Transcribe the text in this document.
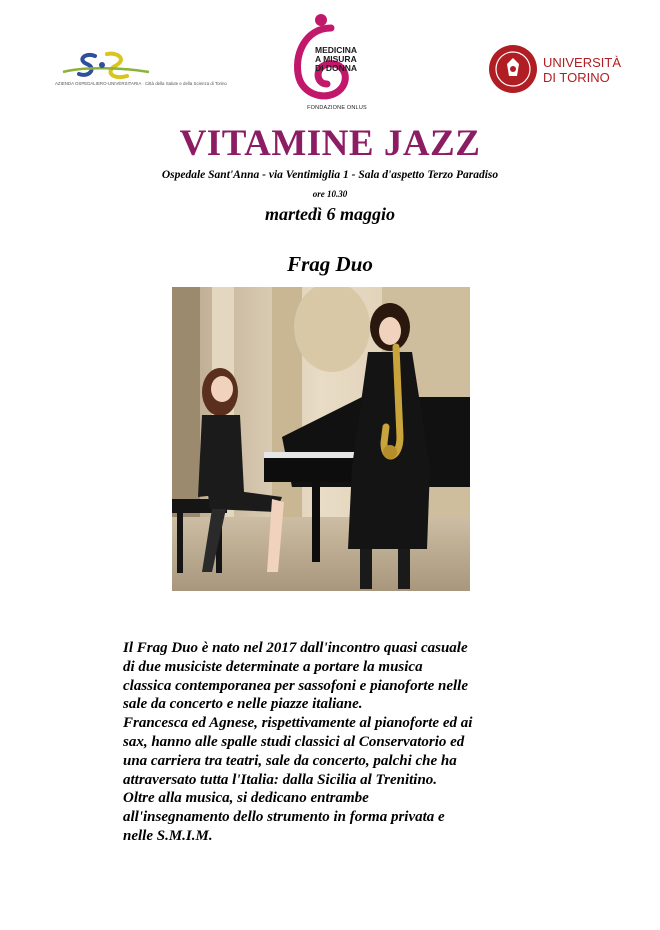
AZIENDA OSPEDALIERO-UNIVERSITARIA · Città della Salute e della Scienza di Torino
MEDICINA
A MISURA
DI DONNA
FONDAZIONE ONLUS
UNIVERSITÀ
DI TORINO
VITAMINE JAZZ
Ospedale Sant'Anna - via Ventimiglia 1 - Sala d'aspetto Terzo Paradiso
ore 10.30
martedì 6 maggio
Frag Duo

Il Frag Duo è nato nel 2017 dall'incontro quasi casuale

di due musiciste determinate a portare la musica

classica contemporanea per sassofoni e pianoforte nelle

sale da concerto e nelle piazze italiane.

Francesca ed Agnese, rispettivamente al pianoforte ed ai

sax, hanno alle spalle studi classici al Conservatorio ed

una carriera tra teatri, sale da concerto, palchi che ha

attraversato tutta l'Italia: dalla Sicilia al Trenitino.

Oltre alla musica, si dedicano entrambe

all'insegnamento dello strumento in forma privata e

nelle S.M.I.M.
